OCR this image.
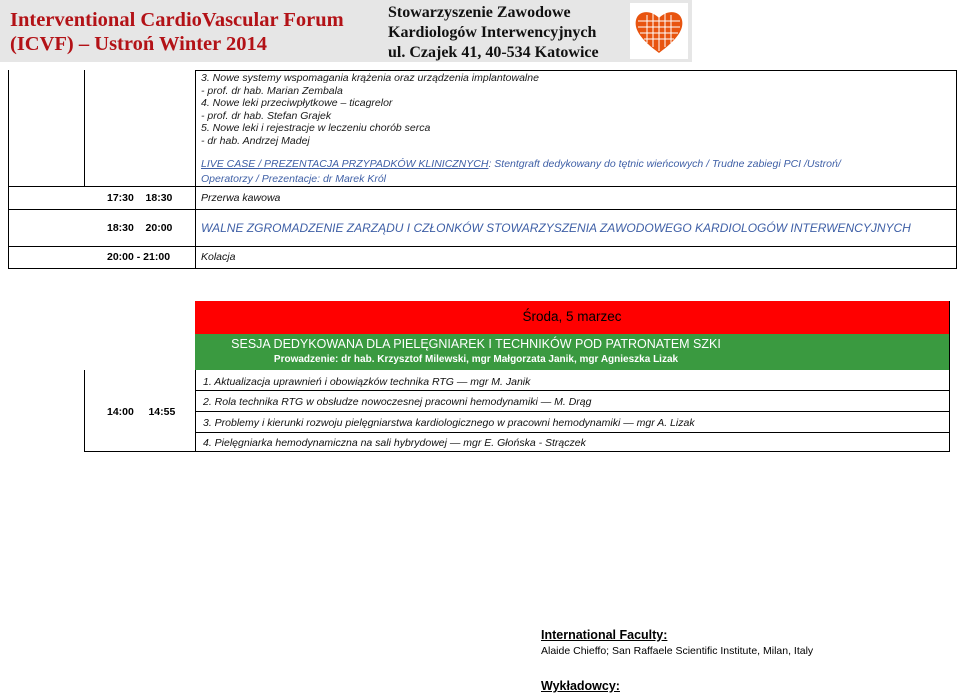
Interventional CardioVascular Forum
(ICVF) – Ustroń Winter 2014
Stowarzyszenie Zawodowe
Kardiologów Interwencyjnych
ul. Czajek 41, 40-534 Katowice
3. Nowe systemy wspomagania krążenia oraz urządzenia implantowalne
- prof. dr hab. Marian Zembala
4. Nowe leki przeciwpłytkowe – ticagrelor
- prof. dr hab. Stefan Grajek
5. Nowe leki i rejestracje w leczeniu chorób serca
- dr hab. Andrzej Madej
LIVE CASE / PREZENTACJA PRZYPADKÓW KLINICZNYCH: Stentgraft dedykowany do tętnic wieńcowych / Trudne zabiegi PCI /Ustroń/
Operatorzy / Prezentacje: dr Marek Król
17:30    18:30	Przerwa kawowa
18:30    20:00 WALNE ZGROMADZENIE ZARZĄDU I CZŁONKÓW STOWARZYSZENIA ZAWODOWEGO KARDIOLOGÓW INTERWENCYJNYCH
20:00 - 21:00	Kolacja
Środa, 5 marzec
SESJA DEDYKOWANA DLA PIELĘGNIAREK I TECHNIKÓW POD PATRONATEM SZKI
Prowadzenie: dr hab. Krzysztof Milewski, mgr Małgorzata Janik, mgr Agnieszka Lizak
14:00     14:55
1. Aktualizacja uprawnień i obowiązków technika RTG — mgr M. Janik
2. Rola technika RTG w obsłudze nowoczesnej pracowni hemodynamiki — M. Drąg
3. Problemy i kierunki rozwoju pielęgniarstwa kardiologicznego w pracowni hemodynamiki — mgr A. Lizak
4. Pielęgniarka hemodynamiczna na sali hybrydowej — mgr E. Głońska - Strączek
International Faculty:
Alaide Chieffo; San Raffaele Scientific Institute, Milan, Italy
Wykładowcy:
